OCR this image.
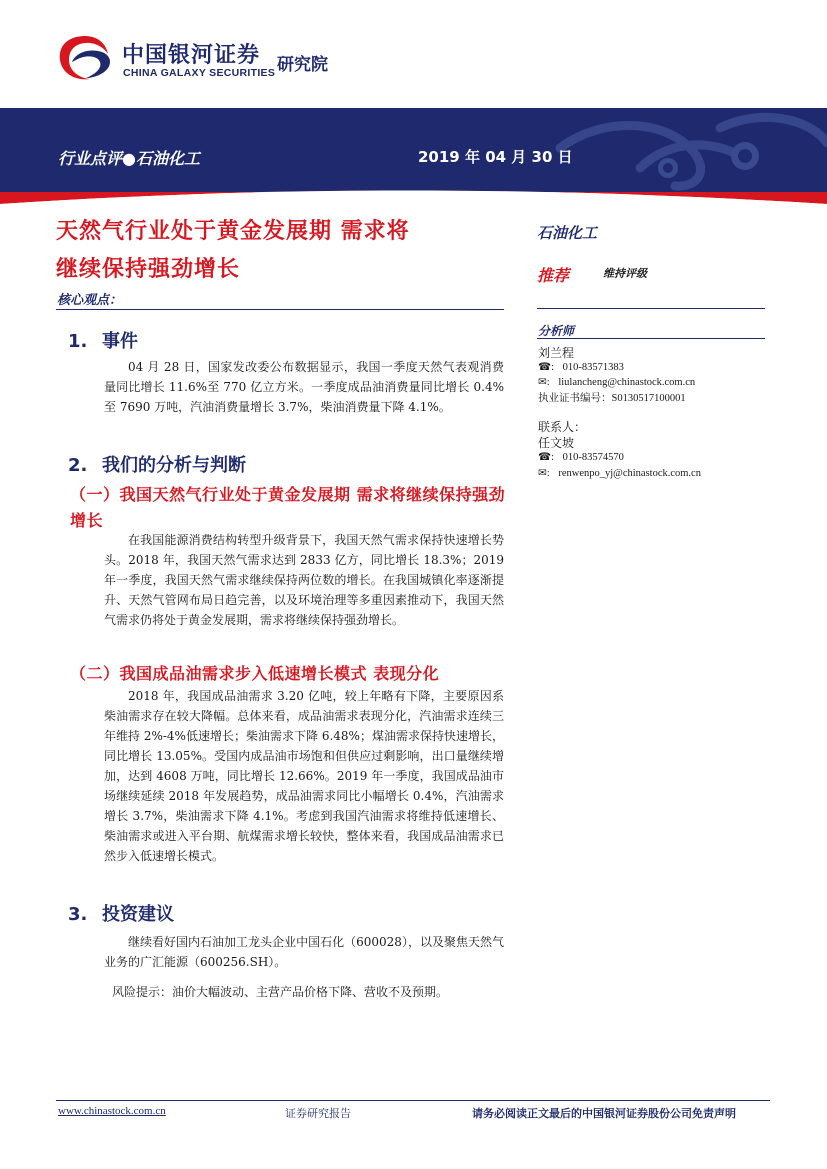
中国银河证券
CHINA GALAXY SECURITIES 研究院
行业点评●石油化工	2019 年 04 月 30 日
天然气行业处于黄金发展期 需求将
继续保持强劲增长
核心观点：
1. 事件
04 月 28 日，国家发改委公布数据显示，我国一季度天然气表观消费量同比增长 11.6%至 770 亿立方米。一季度成品油消费量同比增长 0.4%至 7690 万吨，汽油消费量增长 3.7%，柴油消费量下降 4.1%。
2. 我们的分析与判断
（一）我国天然气行业处于黄金发展期 需求将继续保持强劲增长
在我国能源消费结构转型升级背景下，我国天然气需求保持快速增长势头。2018 年，我国天然气需求达到 2833 亿方，同比增长 18.3%；2019 年一季度，我国天然气需求继续保持两位数的增长。在我国城镇化率逐渐提升、天然气管网布局日趋完善，以及环境治理等多重因素推动下，我国天然气需求仍将处于黄金发展期，需求将继续保持强劲增长。
（二）我国成品油需求步入低速增长模式 表现分化
2018 年，我国成品油需求 3.20 亿吨，较上年略有下降，主要原因系柴油需求存在较大降幅。总体来看，成品油需求表现分化，汽油需求连续三年维持 2%-4%低速增长；柴油需求下降 6.48%；煤油需求保持快速增长，同比增长 13.05%。受国内成品油市场饱和但供应过剩影响，出口量继续增加，达到 4608 万吨，同比增长 12.66%。2019 年一季度，我国成品油市场继续延续 2018 年发展趋势，成品油需求同比小幅增长 0.4%，汽油需求增长 3.7%，柴油需求下降 4.1%。考虑到我国汽油需求将维持低速增长、柴油需求或进入平台期、航煤需求增长较快，整体来看，我国成品油需求已然步入低速增长模式。
3. 投资建议
继续看好国内石油加工龙头企业中国石化（600028），以及聚焦天然气业务的广汇能源（600256.SH）。
风险提示：油价大幅波动、主营产品价格下降、营收不及预期。
石油化工
推荐	维持评级
分析师
刘兰程
☎: 010-83571383
✉: liulancheng@chinastock.com.cn
执业证书编号：S0130517100001
联系人：
任文坡
☎: 010-83574570
✉: renwenpo_yj@chinastock.com.cn
www.chinastock.com.cn	证券研究报告	请务必阅读正文最后的中国银河证券股份公司免责声明
